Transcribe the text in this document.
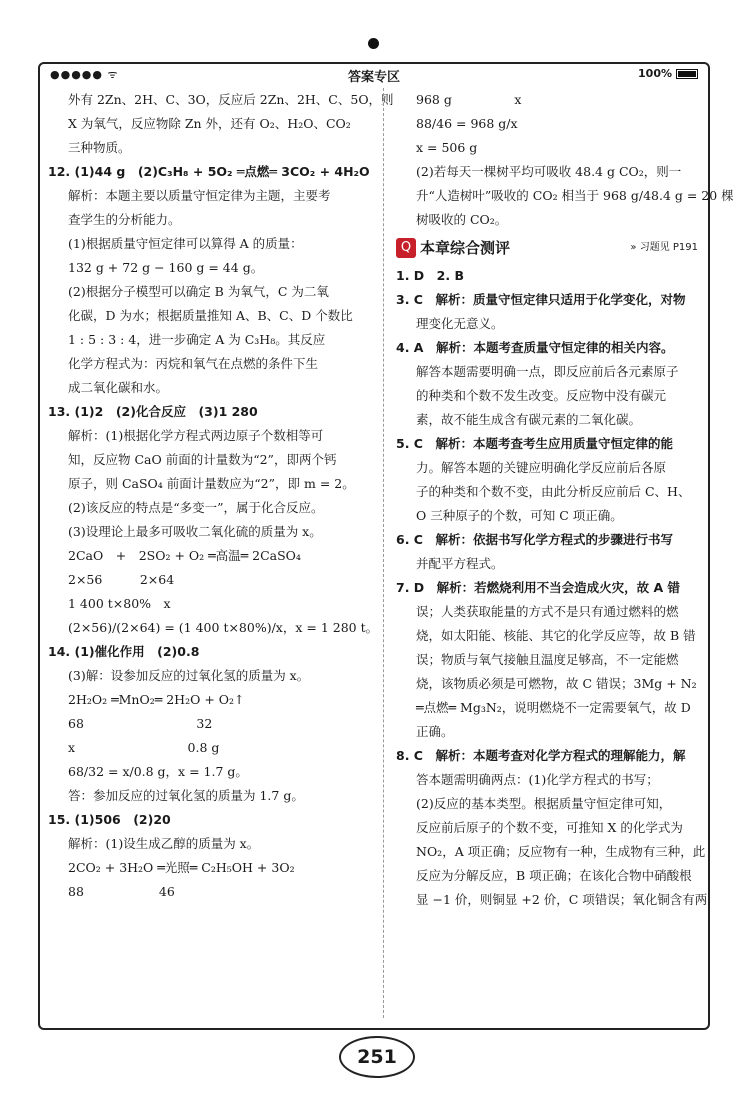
●●●●● ᯤ	答案专区	100%
外有 2Zn、2H、C、3O，反应后 2Zn、2H、C、5O，则
X 为氧气，反应物除 Zn 外，还有 O₂、H₂O、CO₂
三种物质。
12. (1)44 g　(2)C₃H₈ + 5O₂ ═点燃═ 3CO₂ + 4H₂O
解析：本题主要以质量守恒定律为主题，主要考
查学生的分析能力。
(1)根据质量守恒定律可以算得 A 的质量：
132 g + 72 g − 160 g = 44 g。
(2)根据分子模型可以确定 B 为氧气，C 为二氧
化碳，D 为水；根据质量推知 A、B、C、D 个数比
1 : 5 : 3 : 4，进一步确定 A 为 C₃H₈。其反应
化学方程式为：丙烷和氧气在点燃的条件下生
成二氧化碳和水。
13. (1)2　(2)化合反应　(3)1 280
解析：(1)根据化学方程式两边原子个数相等可
知，反应物 CaO 前面的计量数为“2”，即两个钙
原子，则 CaSO₄ 前面计量数应为“2”，即 m = 2。
(2)该反应的特点是“多变一”，属于化合反应。
(3)设理论上最多可吸收二氧化硫的质量为 x。
2CaO　+　2SO₂ + O₂ ═高温═ 2CaSO₄
2×56　　　2×64
1 400 t×80%　x
(2×56)/(2×64) = (1 400 t×80%)/x，x = 1 280 t。
14. (1)催化作用　(2)0.8
(3)解：设参加反应的过氧化氢的质量为 x。
2H₂O₂ ═MnO₂═ 2H₂O + O₂↑
68　　　　　　　　　32
x　　　　　　　　　0.8 g
68/32 = x/0.8 g，x = 1.7 g。
答：参加反应的过氧化氢的质量为 1.7 g。
15. (1)506　(2)20
解析：(1)设生成乙醇的质量为 x。
2CO₂ + 3H₂O ═光照═ C₂H₅OH + 3O₂
88　　　　　　46
968 g　　　　　x
88/46 = 968 g/x
x = 506 g
(2)若每天一棵树平均可吸收 48.4 g CO₂，则一
升“人造树叶”吸收的 CO₂ 相当于 968 g/48.4 g = 20 棵
树吸收的 CO₂。
Q 本章综合测评	» 习题见 P191
1. D　2. B
3. C　解析：质量守恒定律只适用于化学变化，对物
理变化无意义。
4. A　解析：本题考查质量守恒定律的相关内容。
解答本题需要明确一点，即反应前后各元素原子
的种类和个数不发生改变。反应物中没有碳元
素，故不能生成含有碳元素的二氧化碳。
5. C　解析：本题考查考生应用质量守恒定律的能
力。解答本题的关键应明确化学反应前后各原
子的种类和个数不变，由此分析反应前后 C、H、
O 三种原子的个数，可知 C 项正确。
6. C　解析：依据书写化学方程式的步骤进行书写
并配平方程式。
7. D　解析：若燃烧利用不当会造成火灾，故 A 错
误；人类获取能量的方式不是只有通过燃料的燃
烧，如太阳能、核能、其它的化学反应等，故 B 错
误；物质与氧气接触且温度足够高，不一定能燃
烧，该物质必须是可燃物，故 C 错误；3Mg + N₂
═点燃═ Mg₃N₂，说明燃烧不一定需要氧气，故 D
正确。
8. C　解析：本题考查对化学方程式的理解能力，解
答本题需明确两点：(1)化学方程式的书写；
(2)反应的基本类型。根据质量守恒定律可知，
反应前后原子的个数不变，可推知 X 的化学式为
NO₂，A 项正确；反应物有一种，生成物有三种，此
反应为分解反应，B 项正确；在该化合物中硝酸根
显 −1 价，则铜显 +2 价，C 项错误；氧化铜含有两
251
